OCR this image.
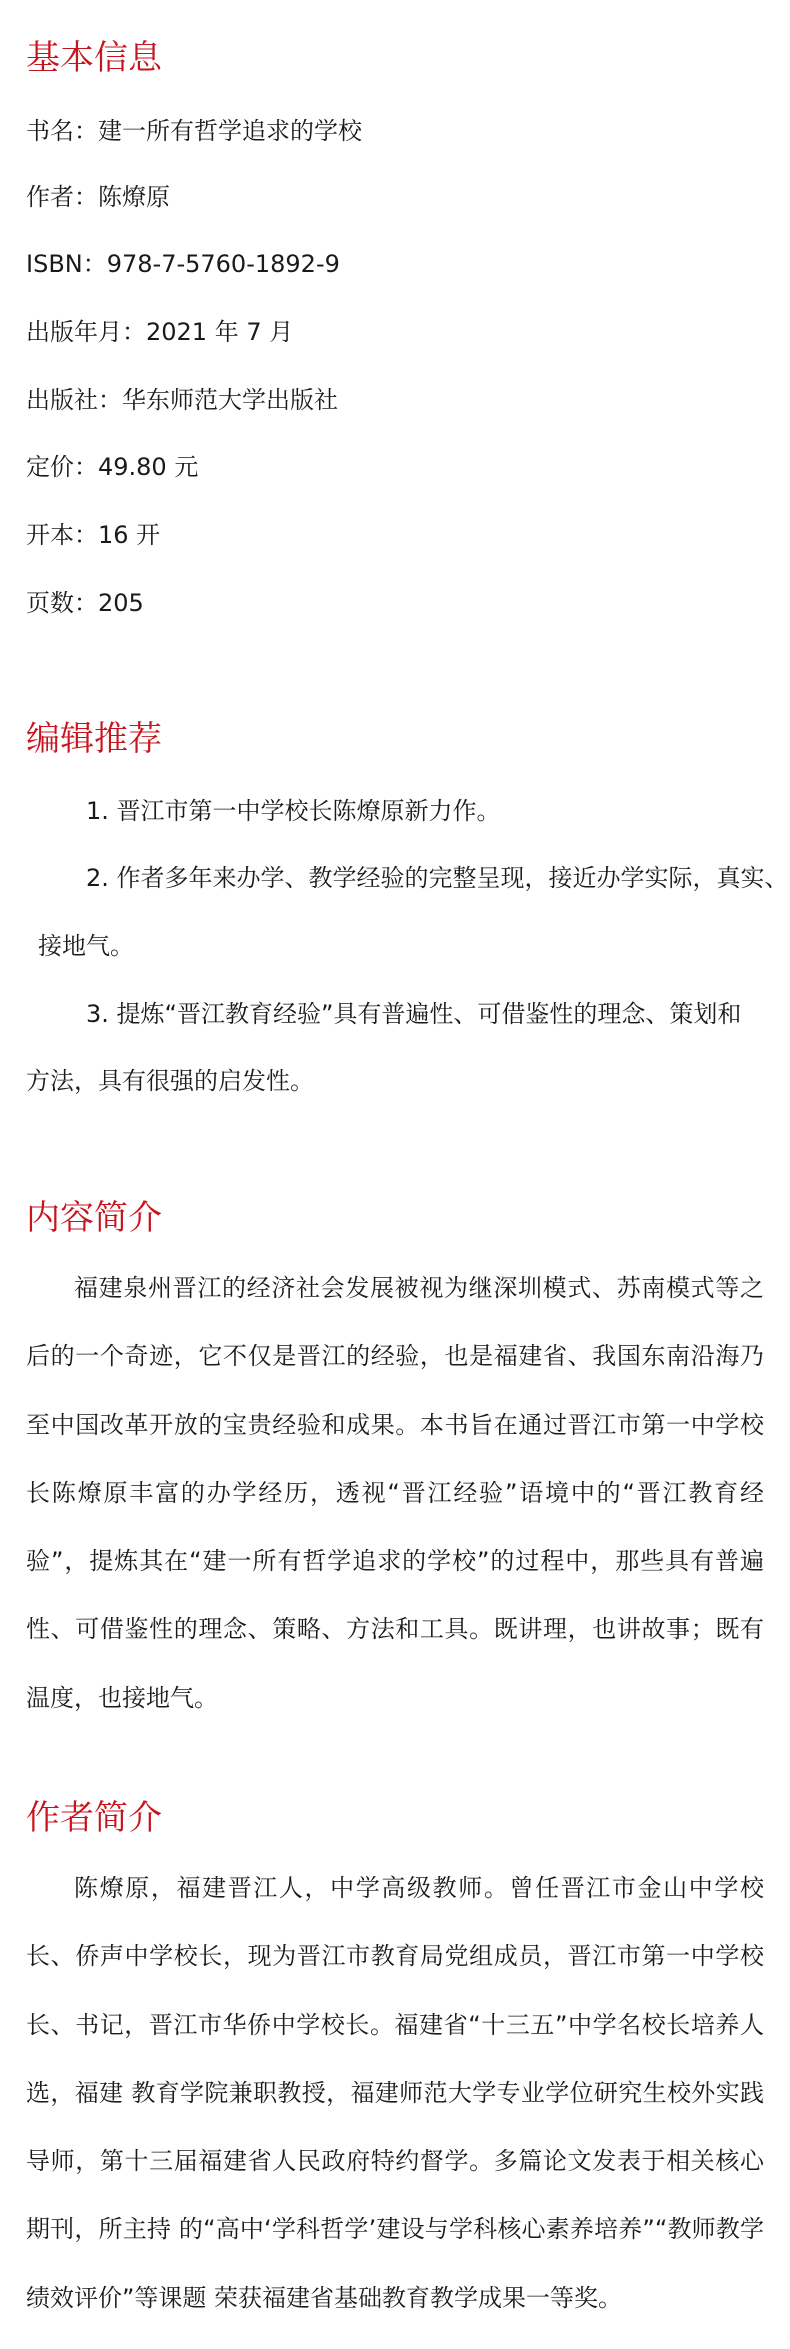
基本信息

书名：建一所有哲学追求的学校

作者：陈燎原

ISBN：978-7-5760-1892-9

出版年月：2021 年 7 月

出版社：华东师范大学出版社

定价：49.80 元

开本：16 开

页数：205

编辑推荐

1. 晋江市第一中学校长陈燎原新力作。

2. 作者多年来办学、教学经验的完整呈现，接近办学实际，真实、

接地气。

3. 提炼“晋江教育经验”具有普遍性、可借鉴性的理念、策划和

方法，具有很强的启发性。

内容简介

福建泉州晋江的经济社会发展被视为继深圳模式、苏南模式等之后的一个奇迹，它不仅是晋江的经验，也是福建省、我国东南沿海乃至中国改革开放的宝贵经验和成果。本书旨在通过晋江市第一中学校长陈燎原丰富的办学经历，透视“晋江经验”语境中的“晋江教育经验”，提炼其在“建一所有哲学追求的学校”的过程中，那些具有普遍性、可借鉴性的理念、策略、方法和工具。既讲理，也讲故事；既有温度，也接地气。

作者简介

陈燎原，福建晋江人，中学高级教师。曾任晋江市金山中学校长、侨声中学校长，现为晋江市教育局党组成员，晋江市第一中学校长、书记，晋江市华侨中学校长。福建省“十三五”中学名校长培养人选，福建 教育学院兼职教授，福建师范大学专业学位研究生校外实践导师，第十三届福建省人民政府特约督学。多篇论文发表于相关核心期刊，所主持 的“高中‘学科哲学’建设与学科核心素养培养”“教师教学绩效评价”等课题 荣获福建省基础教育教学成果一等奖。
